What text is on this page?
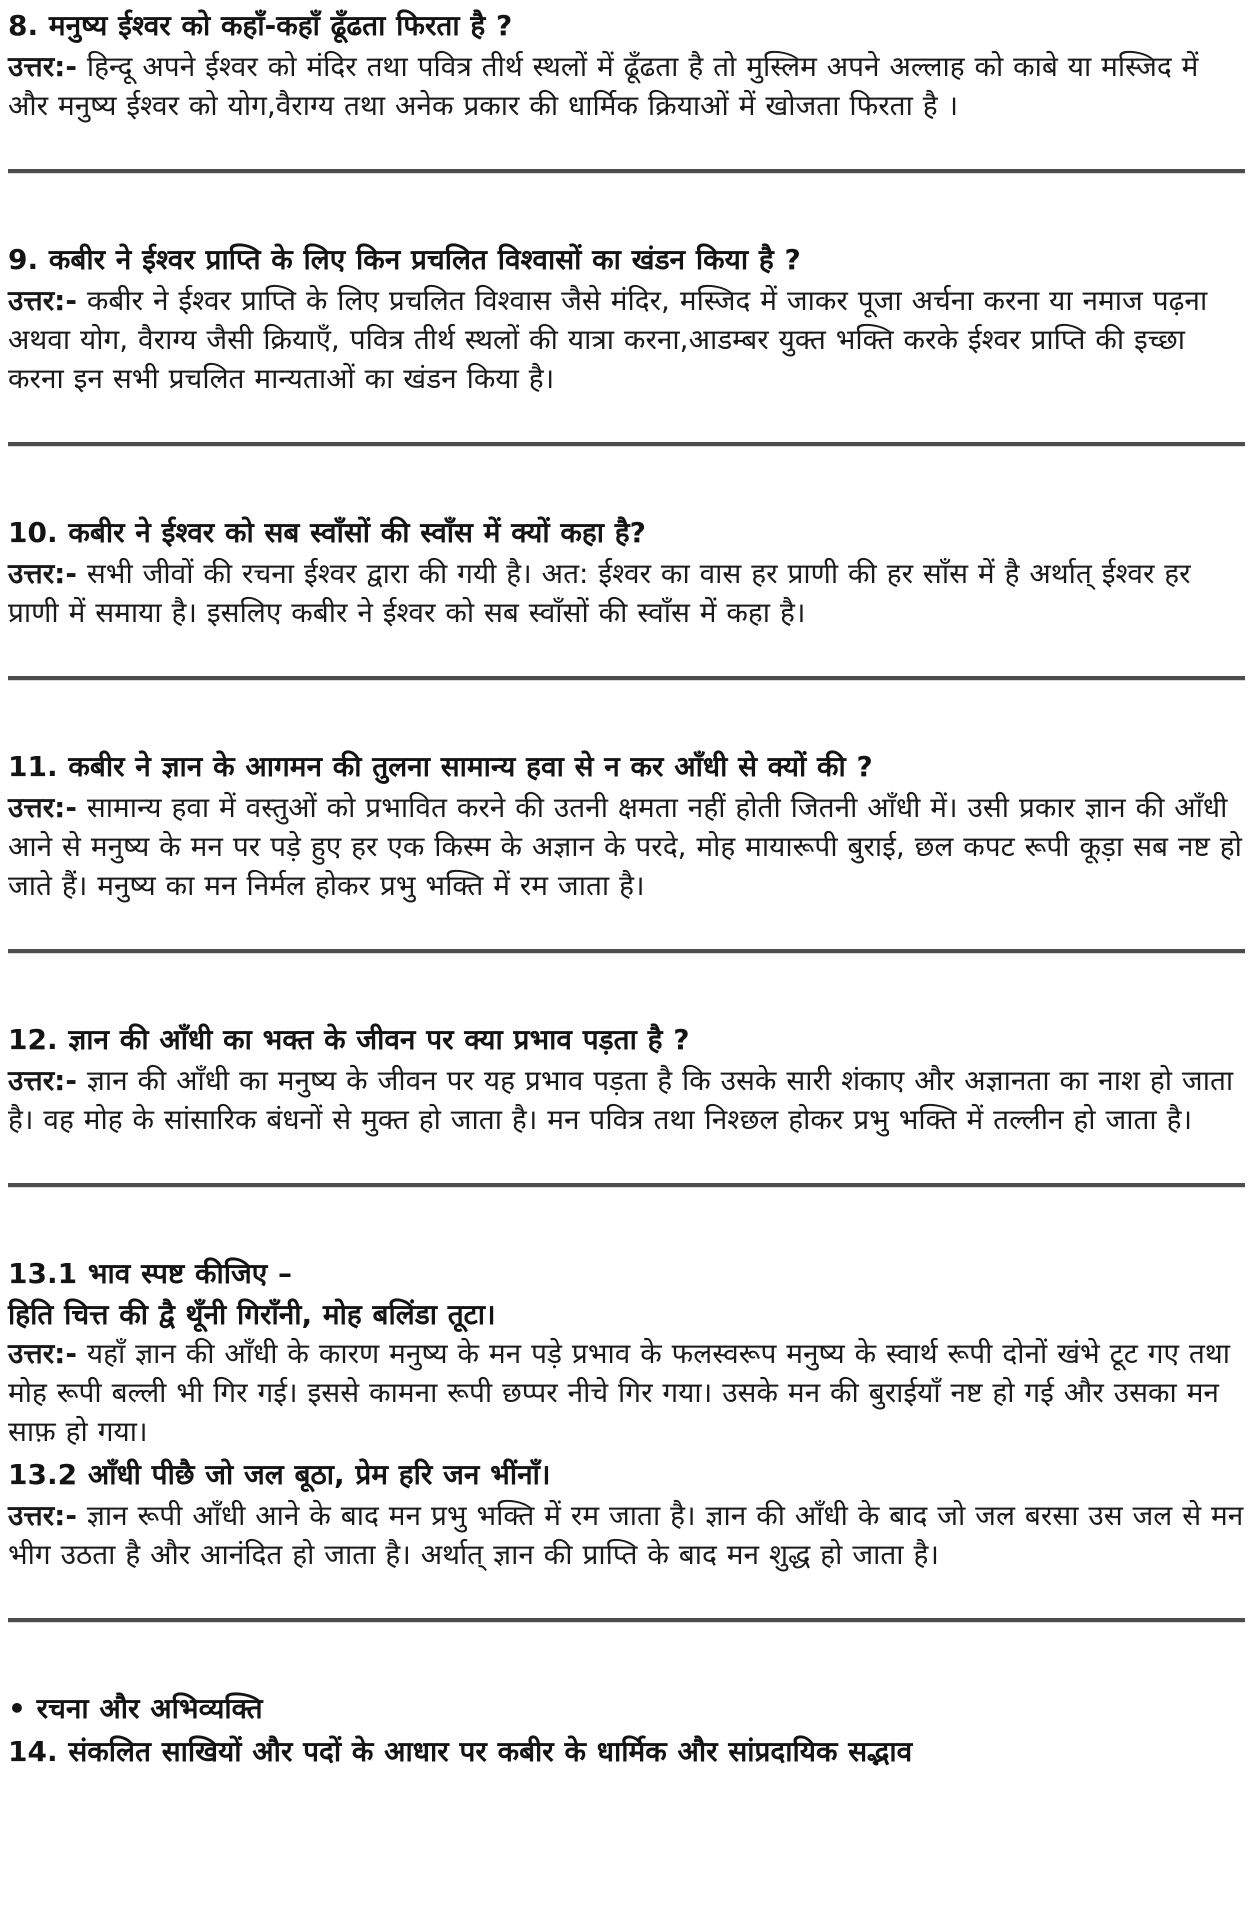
8. मनुष्य ईश्वर को कहाँ-कहाँ ढूँढता फिरता है ?

उत्तर:- हिन्दू अपने ईश्वर को मंदिर तथा पवित्र तीर्थ स्थलों में ढूँढता है तो मुस्लिम अपने अल्लाह को काबे या मस्जिद में और मनुष्य ईश्वर को योग,वैराग्य तथा अनेक प्रकार की धार्मिक क्रियाओं में खोजता फिरता है ।

9. कबीर ने ईश्वर प्राप्ति के लिए किन प्रचलित विश्वासों का खंडन किया है ?

उत्तर:- कबीर ने ईश्वर प्राप्ति के लिए प्रचलित विश्वास जैसे मंदिर, मस्जिद में जाकर पूजा अर्चना करना या नमाज पढ़ना अथवा योग, वैराग्य जैसी क्रियाएँ, पवित्र तीर्थ स्थलों की यात्रा करना,आडम्बर युक्त भक्ति करके ईश्वर प्राप्ति की इच्छा करना इन सभी प्रचलित मान्यताओं का खंडन किया है।

10. कबीर ने ईश्वर को सब स्वाँसों की स्वाँस में क्यों कहा है?

उत्तर:- सभी जीवों की रचना ईश्वर द्वारा की गयी है। अत: ईश्वर का वास हर प्राणी की हर साँस में है अर्थात् ईश्वर हर प्राणी में समाया है। इसलिए कबीर ने ईश्वर को सब स्वाँसों की स्वाँस में कहा है।

11. कबीर ने ज्ञान के आगमन की तुलना सामान्य हवा से न कर आँधी से क्यों की ?

उत्तर:- सामान्य हवा में वस्तुओं को प्रभावित करने की उतनी क्षमता नहीं होती जितनी आँधी में। उसी प्रकार ज्ञान की आँधी आने से मनुष्य के मन पर पड़े हुए हर एक किस्म के अज्ञान के परदे, मोह मायारूपी बुराई, छल कपट रूपी कूड़ा सब नष्ट हो जाते हैं। मनुष्य का मन निर्मल होकर प्रभु भक्ति में रम जाता है।

12. ज्ञान की आँधी का भक्त के जीवन पर क्या प्रभाव पड़ता है ?

उत्तर:- ज्ञान की आँधी का मनुष्य के जीवन पर यह प्रभाव पड़ता है कि उसके सारी शंकाए और अज्ञानता का नाश हो जाता है। वह मोह के सांसारिक बंधनों से मुक्त हो जाता है। मन पवित्र तथा निश्छल होकर प्रभु भक्ति में तल्लीन हो जाता है।

13.1 भाव स्पष्ट कीजिए –

हिति चित्त की द्वै थूँनी गिराँनी, मोह बलिंडा तूटा।

उत्तर:- यहाँ ज्ञान की आँधी के कारण मनुष्य के मन पड़े प्रभाव के फलस्वरूप मनुष्य के स्वार्थ रूपी दोनों खंभे टूट गए तथा मोह रूपी बल्ली भी गिर गई। इससे कामना रूपी छप्पर नीचे गिर गया। उसके मन की बुराईयाँ नष्ट हो गई और उसका मन साफ़ हो गया।

13.2 आँधी पीछै जो जल बूठा, प्रेम हरि जन भींनाँ।

उत्तर:- ज्ञान रूपी आँधी आने के बाद मन प्रभु भक्ति में रम जाता है। ज्ञान की आँधी के बाद जो जल बरसा उस जल से मन भीग उठता है और आनंदित हो जाता है। अर्थात् ज्ञान की प्राप्ति के बाद मन शुद्ध हो जाता है।

• रचना और अभिव्यक्ति

14. संकलित साखियों और पदों के आधार पर कबीर के धार्मिक और सांप्रदायिक सद्भाव
